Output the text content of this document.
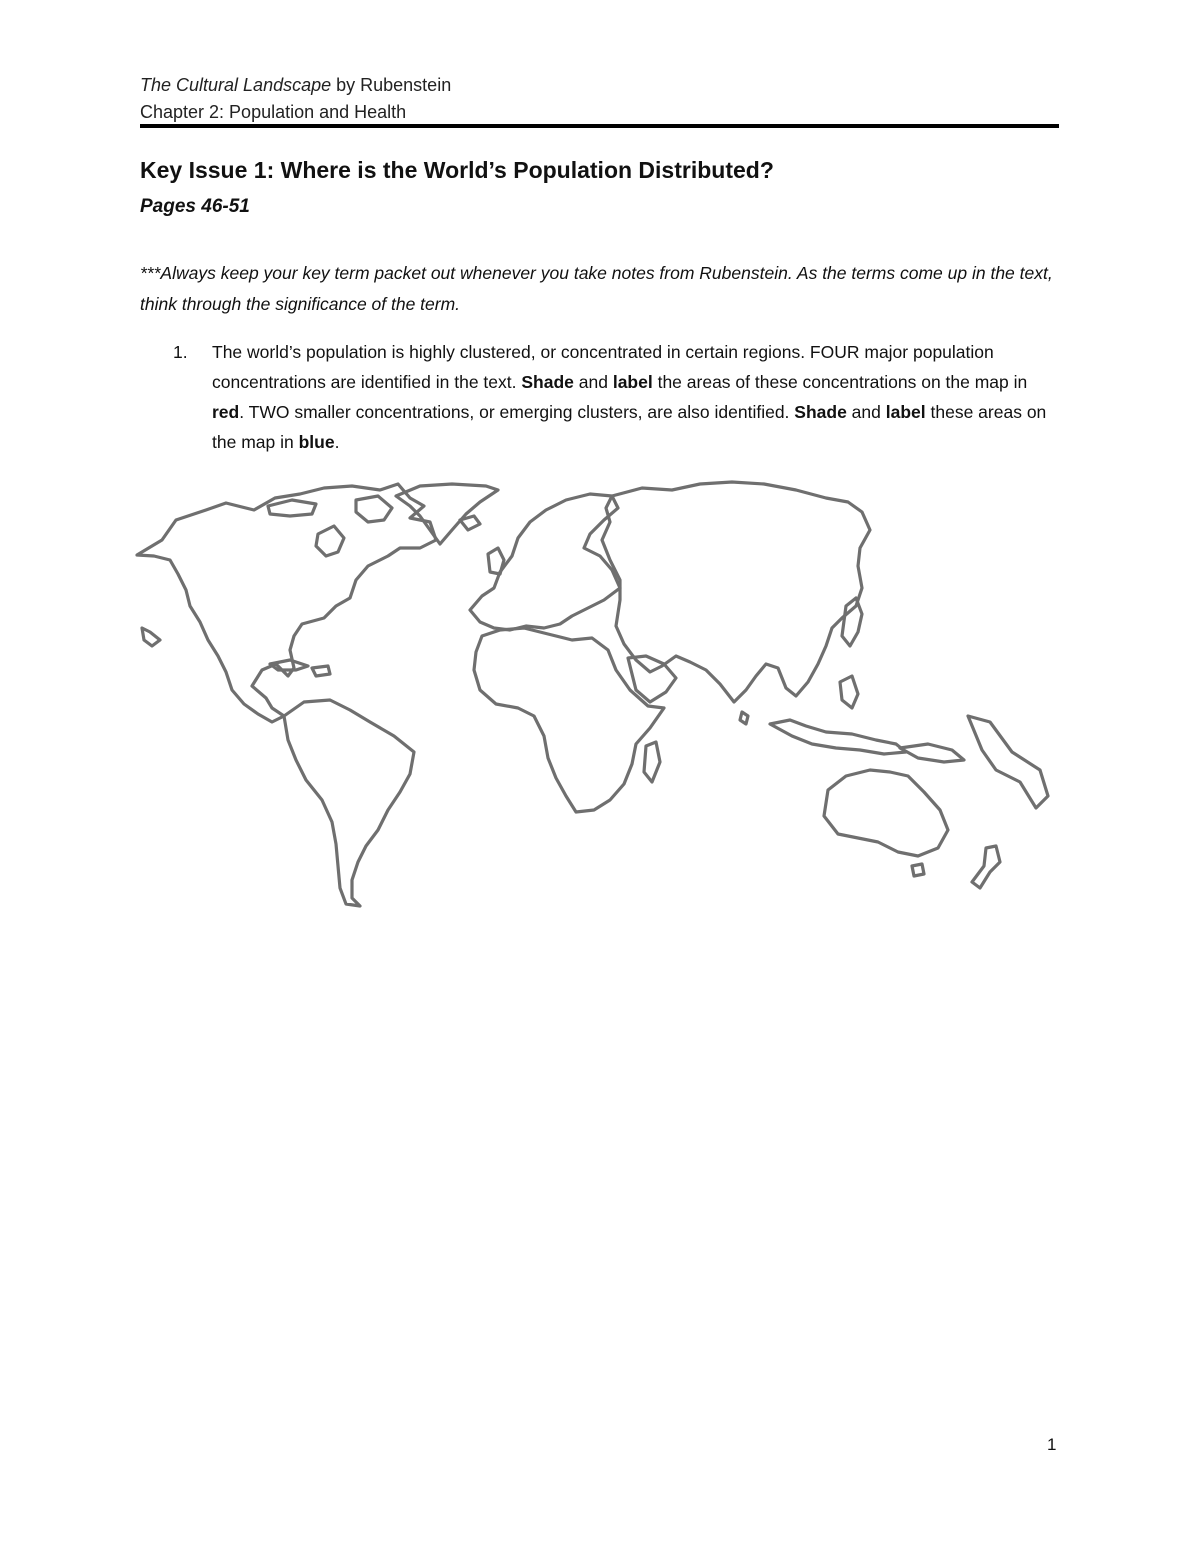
The Cultural Landscape by Rubenstein
Chapter 2: Population and Health
Key Issue 1: Where is the World’s Population Distributed?
Pages 46-51
***Always keep your key term packet out whenever you take notes from Rubenstein. As the terms come up in the text, think through the significance of the term.
1. The world’s population is highly clustered, or concentrated in certain regions. FOUR major population concentrations are identified in the text. Shade and label the areas of these concentrations on the map in red. TWO smaller concentrations, or emerging clusters, are also identified. Shade and label these areas on the map in blue.
1
